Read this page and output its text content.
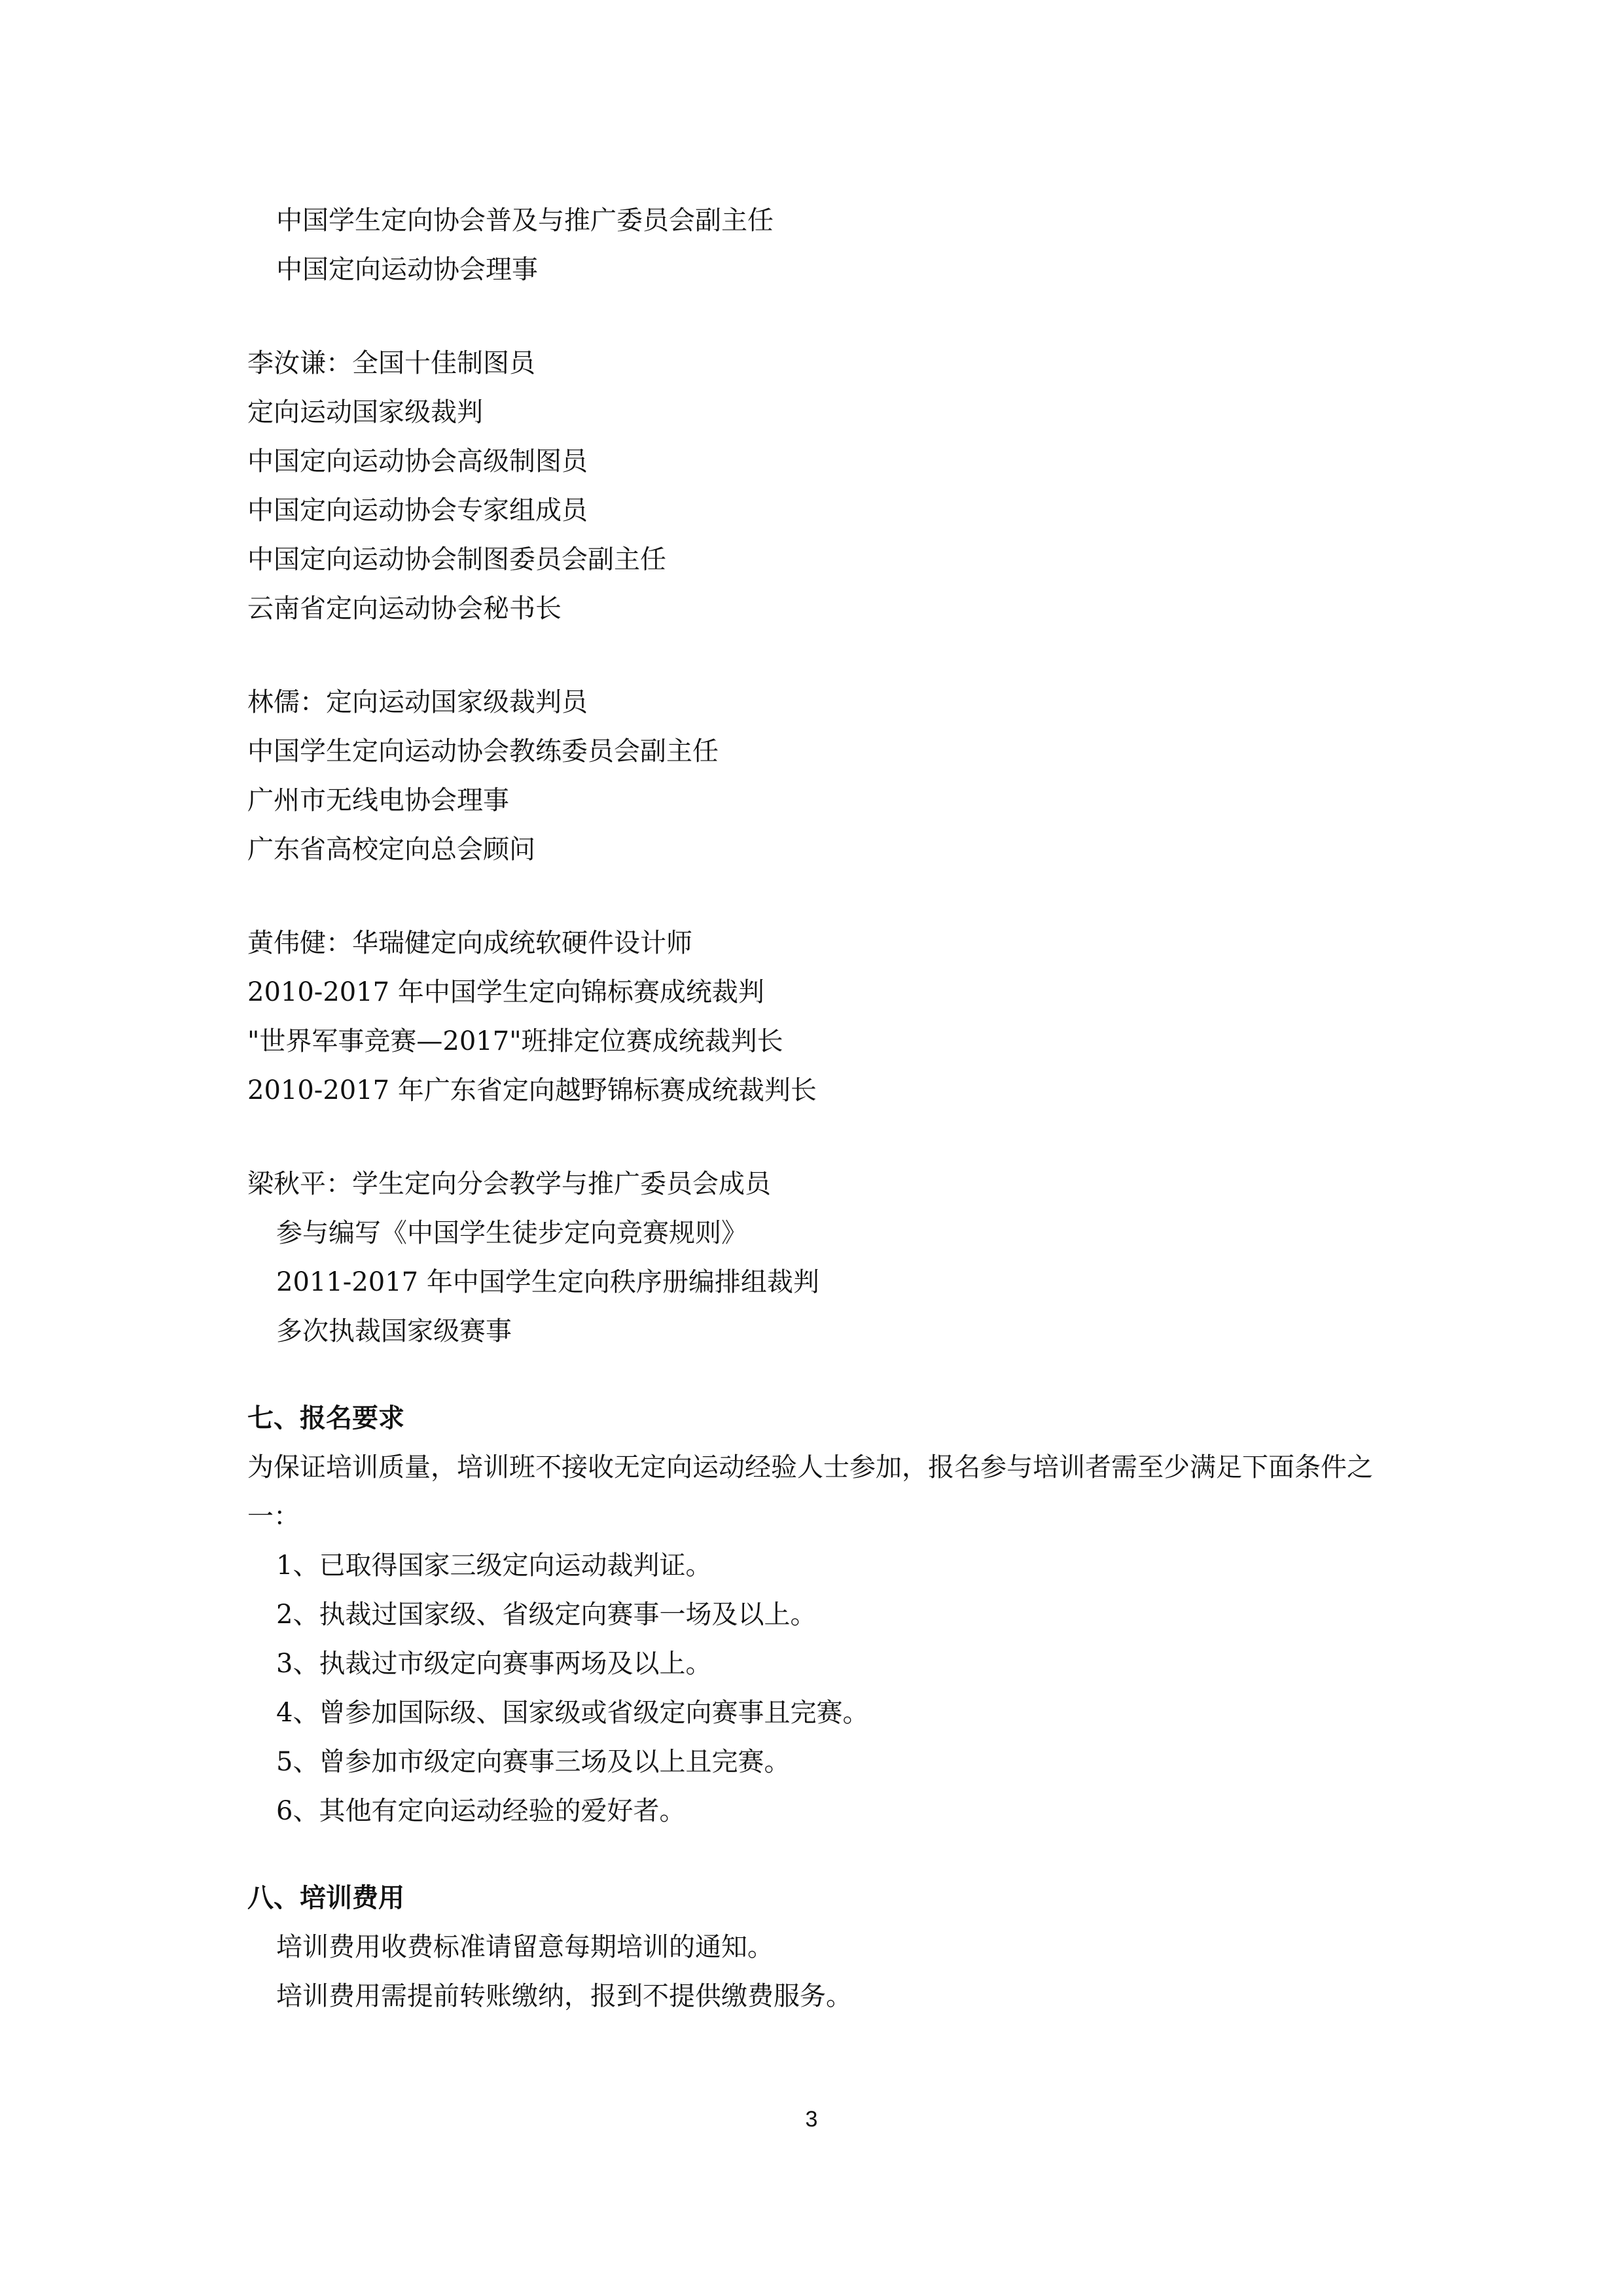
中国学生定向协会普及与推广委员会副主任
中国定向运动协会理事
李汝谦：全国十佳制图员
定向运动国家级裁判
中国定向运动协会高级制图员
中国定向运动协会专家组成员
中国定向运动协会制图委员会副主任
云南省定向运动协会秘书长
林儒：定向运动国家级裁判员
中国学生定向运动协会教练委员会副主任
广州市无线电协会理事
广东省高校定向总会顾问
黄伟健：华瑞健定向成统软硬件设计师
2010-2017 年中国学生定向锦标赛成统裁判
"世界军事竞赛—2017"班排定位赛成统裁判长
2010-2017 年广东省定向越野锦标赛成统裁判长
梁秋平：学生定向分会教学与推广委员会成员
参与编写《中国学生徒步定向竞赛规则》
2011-2017 年中国学生定向秩序册编排组裁判
多次执裁国家级赛事
七、报名要求
为保证培训质量，培训班不接收无定向运动经验人士参加，报名参与培训者需至少满足下面条件之一：
1、已取得国家三级定向运动裁判证。
2、执裁过国家级、省级定向赛事一场及以上。
3、执裁过市级定向赛事两场及以上。
4、曾参加国际级、国家级或省级定向赛事且完赛。
5、曾参加市级定向赛事三场及以上且完赛。
6、其他有定向运动经验的爱好者。
八、培训费用
培训费用收费标准请留意每期培训的通知。
培训费用需提前转账缴纳，报到不提供缴费服务。
3
